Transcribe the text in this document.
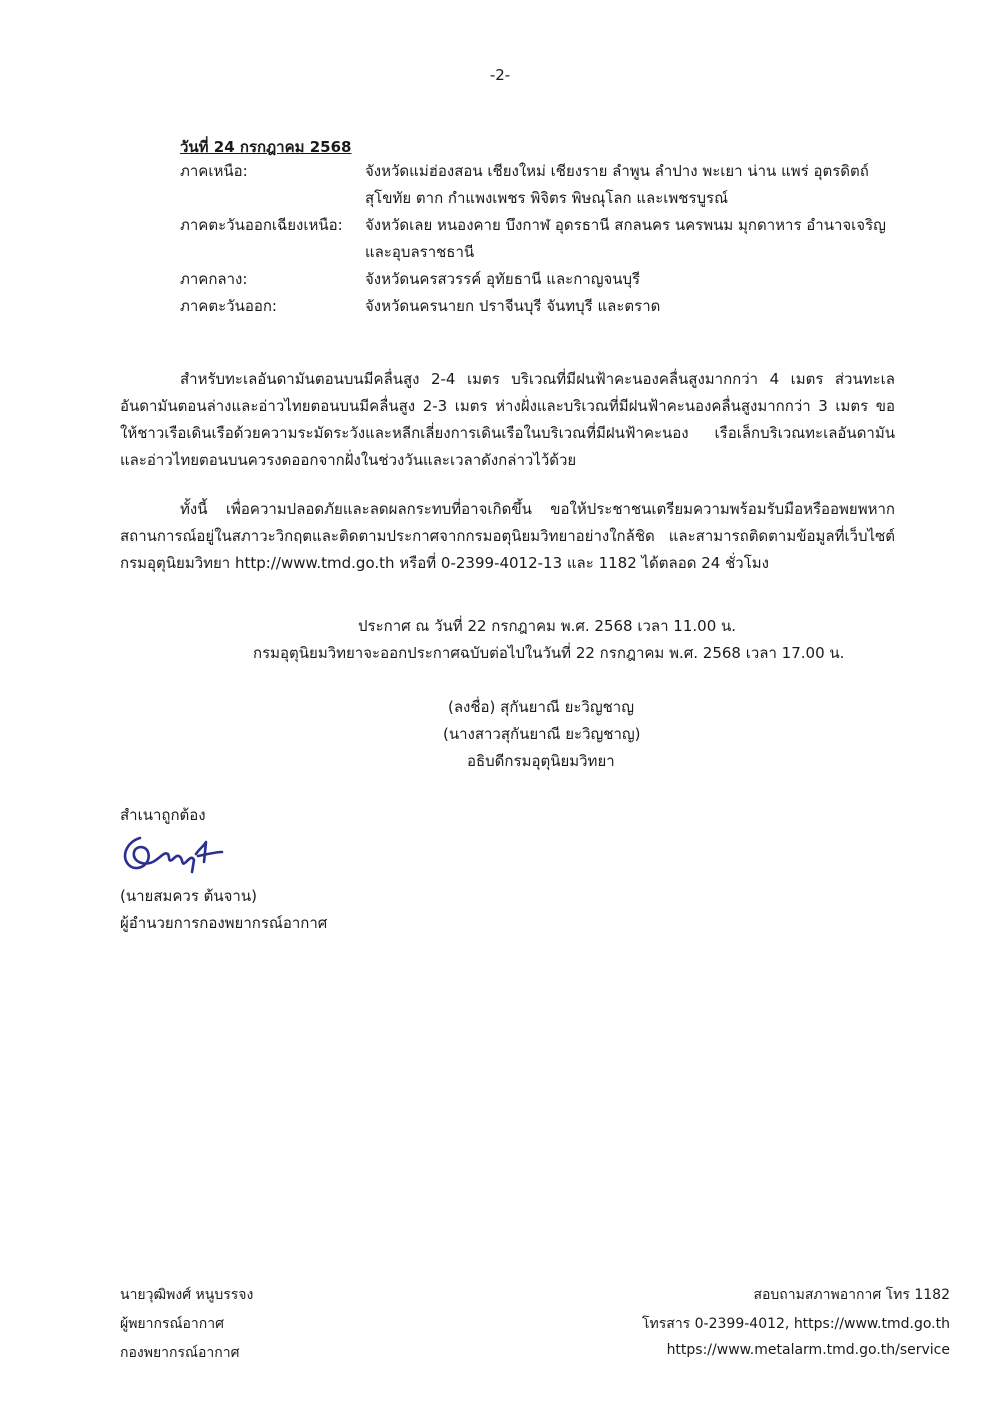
-2-
วันที่ 24 กรกฎาคม 2568
ภาคเหนือ:	จังหวัดแม่ฮ่องสอน เชียงใหม่ เชียงราย ลำพูน ลำปาง พะเยา น่าน แพร่ อุตรดิตถ์ สุโขทัย ตาก กำแพงเพชร พิจิตร พิษณุโลก และเพชรบูรณ์
ภาคตะวันออกเฉียงเหนือ: จังหวัดเลย หนองคาย บึงกาฬ อุดรธานี สกลนคร นครพนม มุกดาหาร อำนาจเจริญ และอุบลราชธานี
ภาคกลาง:	จังหวัดนครสวรรค์ อุทัยธานี และกาญจนบุรี
ภาคตะวันออก:	จังหวัดนครนายก ปราจีนบุรี จันทบุรี และตราด

สำหรับทะเลอันดามันตอนบนมีคลื่นสูง 2-4 เมตร บริเวณที่มีฝนฟ้าคะนองคลื่นสูงมากกว่า 4 เมตร ส่วนทะเลอันดามันตอนล่างและอ่าวไทยตอนบนมีคลื่นสูง 2-3 เมตร ห่างฝั่งและบริเวณที่มีฝนฟ้าคะนองคลื่นสูงมากกว่า 3 เมตร ขอให้ชาวเรือเดินเรือด้วยความระมัดระวังและหลีกเลี่ยงการเดินเรือในบริเวณที่มีฝนฟ้าคะนอง เรือเล็กบริเวณทะเลอันดามันและอ่าวไทยตอนบนควรงดออกจากฝั่งในช่วงวันและเวลาดังกล่าวไว้ด้วย

ทั้งนี้ เพื่อความปลอดภัยและลดผลกระทบที่อาจเกิดขึ้น ขอให้ประชาชนเตรียมความพร้อมรับมือหรืออพยพหากสถานการณ์อยู่ในสภาวะวิกฤตและติดตามประกาศจากกรมอตุนิยมวิทยาอย่างใกล้ชิด และสามารถติดตามข้อมูลที่เว็บไซต์กรมอุตุนิยมวิทยา http://www.tmd.go.th หรือที่ 0-2399-4012-13 และ 1182 ได้ตลอด 24 ชั่วโมง

ประกาศ ณ วันที่ 22 กรกฎาคม พ.ศ. 2568 เวลา 11.00 น.
กรมอุตุนิยมวิทยาจะออกประกาศฉบับต่อไปในวันที่ 22 กรกฎาคม พ.ศ. 2568 เวลา 17.00 น.
(ลงชื่อ) สุกันยาณี ยะวิญชาญ
(นางสาวสุกันยาณี ยะวิญชาญ)
อธิบดีกรมอุตุนิยมวิทยา
สำเนาถูกต้อง
(นายสมควร ต้นจาน)
ผู้อำนวยการกองพยากรณ์อากาศ
นายวุฒิพงศ์ หนูบรรจง
ผู้พยากรณ์อากาศ
กองพยากรณ์อากาศ
สอบถามสภาพอากาศ โทร 1182
โทรสาร 0-2399-4012, https://www.tmd.go.th
https://www.metalarm.tmd.go.th/service
